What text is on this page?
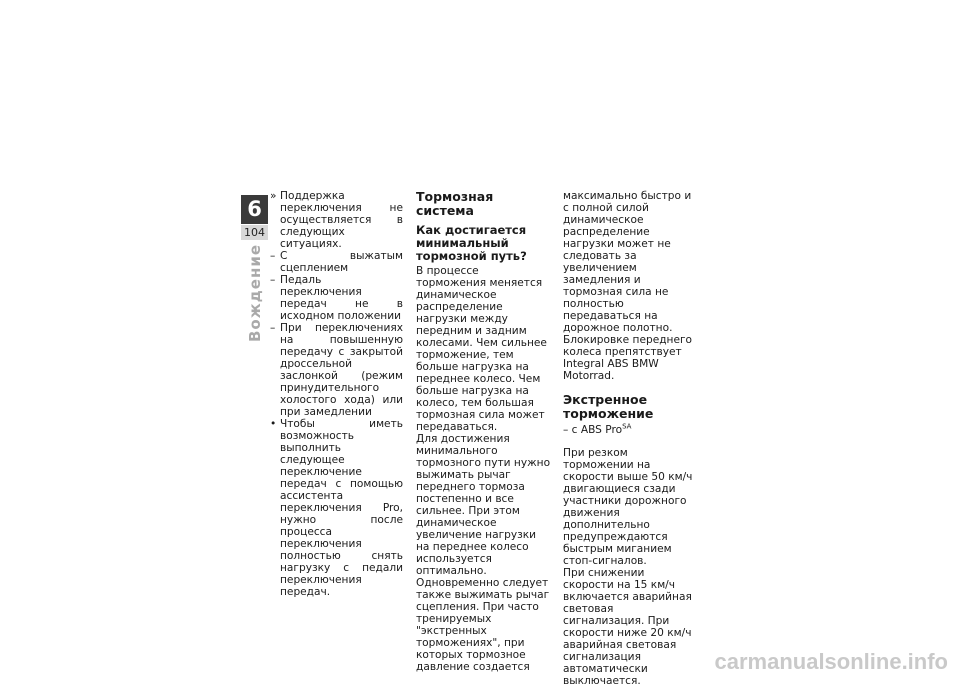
6
104
Вождение
» Поддержка переключения не осуществляется в следующих ситуациях.
– С выжатым сцеплением
– Педаль переключения передач не в исходном положении
– При переключениях на повышенную передачу с закрытой дроссельной заслонкой (режим принудительного холостого хода) или при замедлении
• Чтобы иметь возможность выполнить следующее переключение передач с помощью ассистента переключения Pro, нужно после процесса переключения полностью снять нагрузку с педали переключения передач.
Тормозная система
Как достигается минимальный тормозной путь?

В процессе торможения меняется динамическое распределение нагрузки между передним и задним колесами. Чем сильнее торможение, тем больше нагрузка на переднее колесо. Чем больше нагрузка на колесо, тем большая тормозная сила может передаваться.

Для достижения минимального тормозного пути нужно выжимать рычаг переднего тормоза постепенно и все сильнее. При этом динамическое увеличение нагрузки на переднее колесо используется оптимально. Одновременно следует также выжимать рычаг сцепления. При часто тренируемых "экстренных торможениях", при которых тормозное давление создается

максимально быстро и с полной силой динамическое распределение нагрузки может не следовать за увеличением замедления и тормозная сила не полностью передаваться на дорожное полотно.

Блокировке переднего колеса препятствует Integral ABS BMW Motorrad.

Экстренное торможение

– с ABS Pro$^{SA}$

При резком торможении на скорости выше 50 км/ч двигающиеся сзади участники дорожного движения дополнительно предупреждаются быстрым миганием стоп-сигналов.

При снижении скорости на 15 км/ч включается аварийная световая сигнализация. При скорости ниже 20 км/ч аварийная световая сигнализация автоматически выключается.

carmanualsonline.info
